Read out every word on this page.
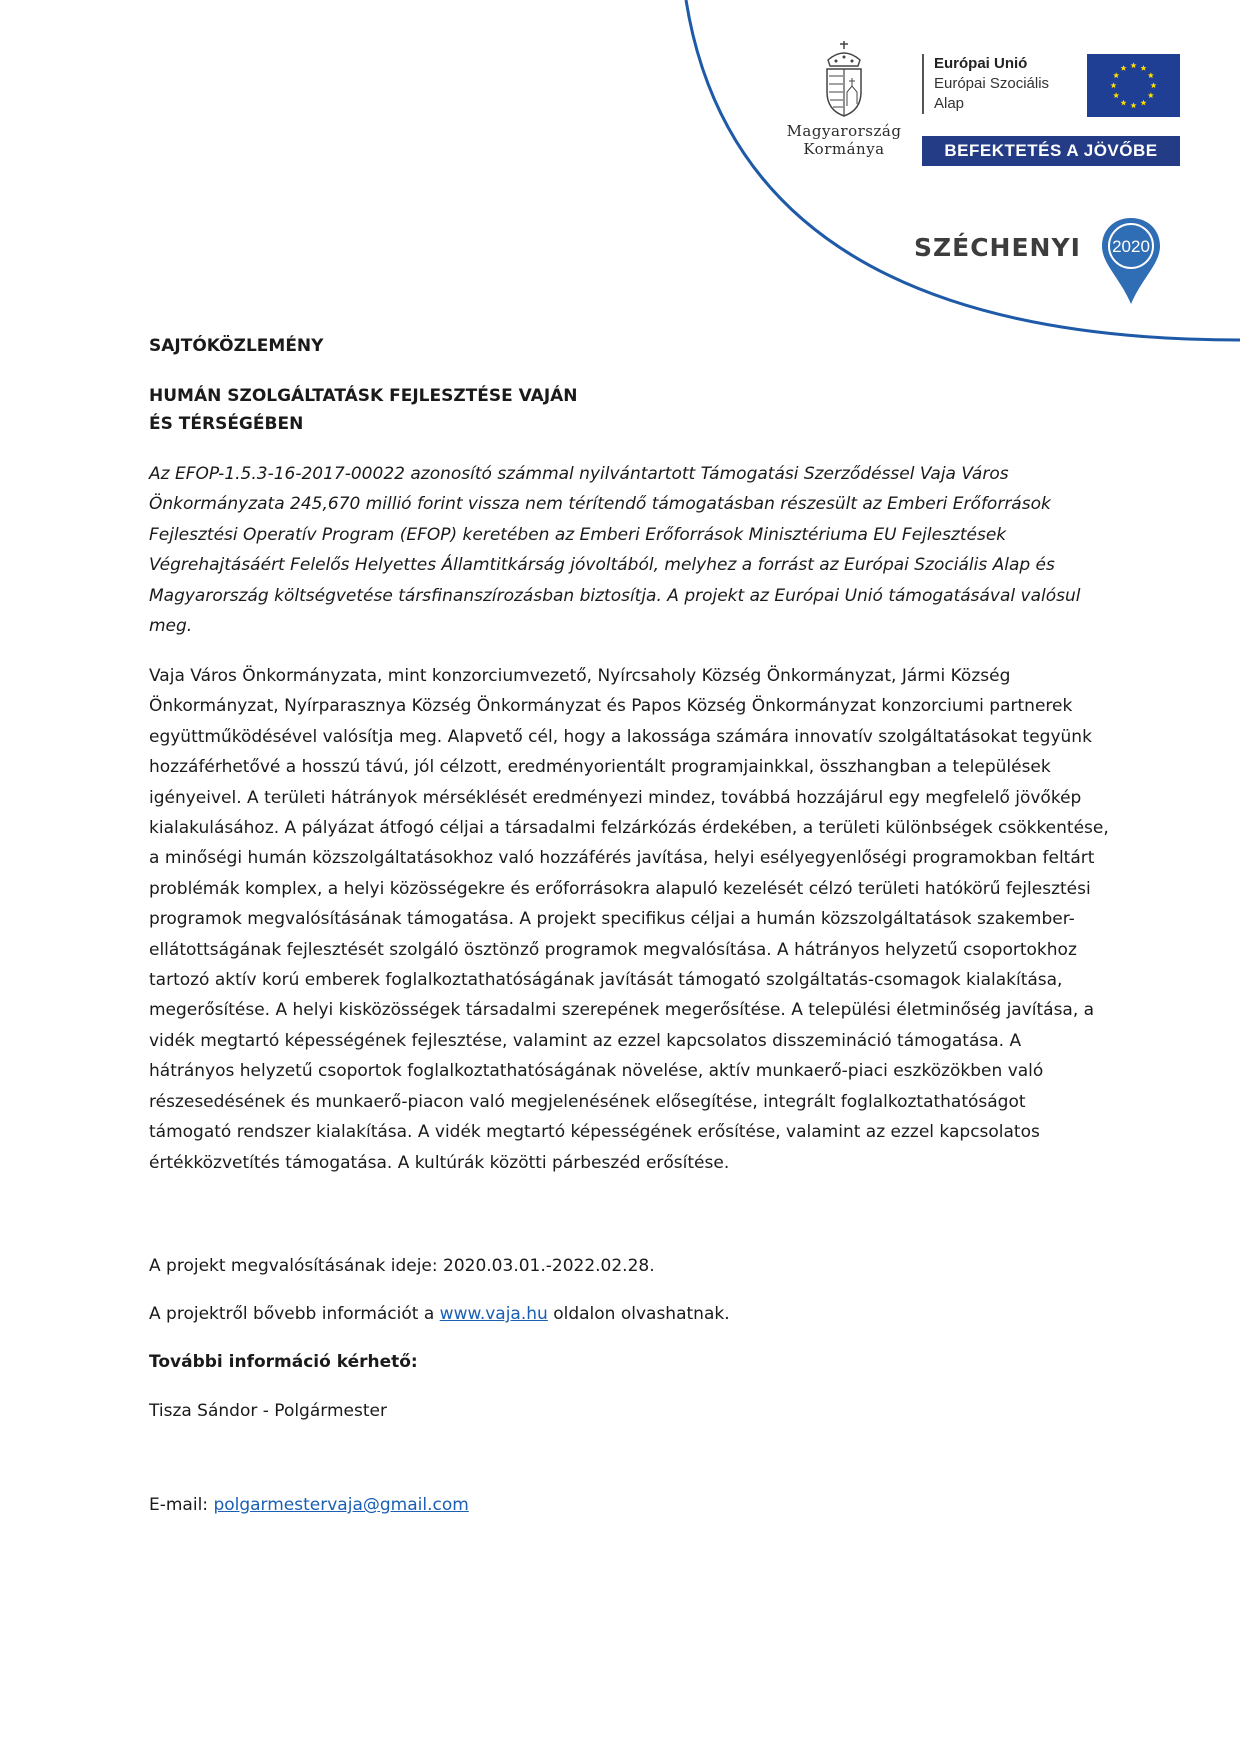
Magyarország
Kormánya
Európai Unió
Európai Szociális
Alap
BEFEKTETÉS A JÖVŐBE
SZÉCHENYI	2020

SAJTÓKÖZLEMÉNY

HUMÁN SZOLGÁLTATÁSK FEJLESZTÉSE VAJÁN

ÉS TÉRSÉGÉBEN

Az EFOP-1.5.3-16-2017-00022 azonosító számmal nyilvántartott Támogatási Szerződéssel Vaja Város Önkormányzata 245,670 millió forint vissza nem térítendő támogatásban részesült az Emberi Erőforrások Fejlesztési Operatív Program (EFOP) keretében az Emberi Erőforrások Minisztériuma EU Fejlesztések Végrehajtásáért Felelős Helyettes Államtitkárság jóvoltából, melyhez a forrást az Európai Szociális Alap és Magyarország költségvetése társfinanszírozásban biztosítja. A projekt az Európai Unió támogatásával valósul meg.

Vaja Város Önkormányzata, mint konzorciumvezető, Nyírcsaholy Község Önkormányzat, Jármi Község Önkormányzat, Nyírparasznya Község Önkormányzat és Papos Község Önkormányzat konzorciumi partnerek együttműködésével valósítja meg. Alapvető cél, hogy a lakossága számára innovatív szolgáltatásokat tegyünk hozzáférhetővé a hosszú távú, jól célzott, eredményorientált programjainkkal, összhangban a települések igényeivel. A területi hátrányok mérséklését eredményezi mindez, továbbá hozzájárul egy megfelelő jövőkép kialakulásához. A pályázat átfogó céljai a társadalmi felzárkózás érdekében, a területi különbségek csökkentése, a minőségi humán közszolgáltatásokhoz való hozzáférés javítása, helyi esélyegyenlőségi programokban feltárt problémák komplex, a helyi közösségekre és erőforrásokra alapuló kezelését célzó területi hatókörű fejlesztési programok megvalósításának támogatása. A projekt specifikus céljai a humán közszolgáltatások szakember-ellátottságának fejlesztését szolgáló ösztönző programok megvalósítása. A hátrányos helyzetű csoportokhoz tartozó aktív korú emberek foglalkoztathatóságának javítását támogató szolgáltatás-csomagok kialakítása, megerősítése. A helyi kisközösségek társadalmi szerepének megerősítése. A települési életminőség javítása, a vidék megtartó képességének fejlesztése, valamint az ezzel kapcsolatos disszemináció támogatása. A hátrányos helyzetű csoportok foglalkoztathatóságának növelése, aktív munkaerő-piaci eszközökben való részesedésének és munkaerő-piacon való megjelenésének elősegítése, integrált foglalkoztathatóságot támogató rendszer kialakítása. A vidék megtartó képességének erősítése, valamint az ezzel kapcsolatos értékközvetítés támogatása. A kultúrák közötti párbeszéd erősítése.

A projekt megvalósításának ideje: 2020.03.01.-2022.02.28.

A projektről bővebb információt a www.vaja.hu oldalon olvashatnak.

További információ kérhető:

Tisza Sándor - Polgármester

E-mail: polgarmestervaja@gmail.com
